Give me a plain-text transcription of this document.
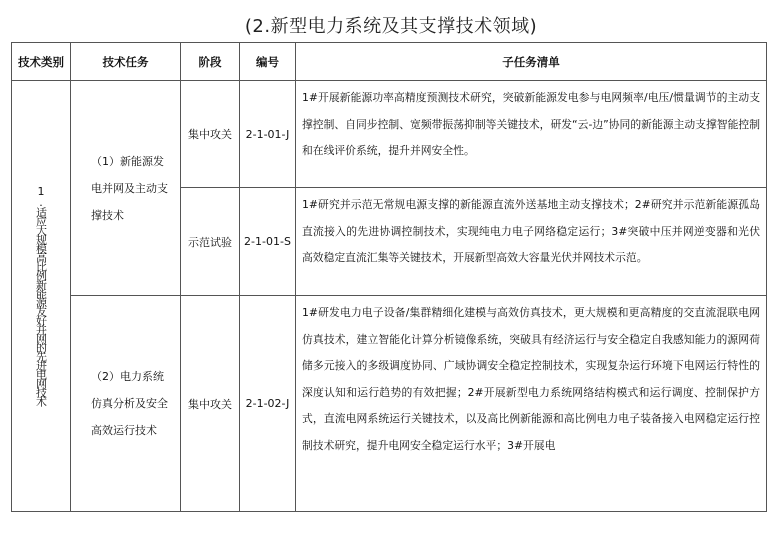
(2.新型电力系统及其支撑技术领域)
技术类别	技术任务	阶段	编号	子任务清单
1.适应大规模高比例新能源友好并网的先进电网技术	（1）新能源发电并网及主动支撑技术	集中攻关	2-1-01-J	1#开展新能源功率高精度预测技术研究，突破新能源发电参与电网频率/电压/惯量调节的主动支撑控制、自同步控制、宽频带振荡抑制等关键技术，研发“云-边”协同的新能源主动支撑智能控制和在线评价系统，提升并网安全性。
		示范试验	2-1-01-S	1#研究并示范无常规电源支撑的新能源直流外送基地主动支撑技术；2#研究并示范新能源孤岛直流接入的先进协调控制技术，实现纯电力电子网络稳定运行；3#突破中压并网逆变器和光伏高效稳定直流汇集等关键技术，开展新型高效大容量光伏并网技术示范。

	（2）电力系统仿真分析及安全高效运行技术	集中攻关	2-1-02-J	1#研发电力电子设备/集群精细化建模与高效仿真技术，更大规模和更高精度的交直流混联电网仿真技术，建立智能化计算分析镜像系统，突破具有经济运行与安全稳定自我感知能力的源网荷储多元接入的多级调度协同、广域协调安全稳定控制技术，实现复杂运行环境下电网运行特性的深度认知和运行趋势的有效把握；2#开展新型电力系统网络结构模式和运行调度、控制保护方式，直流电网系统运行关键技术，以及高比例新能源和高比例电力电子装备接入电网稳定运行控制技术研究，提升电网安全稳定运行水平；3#开展电
